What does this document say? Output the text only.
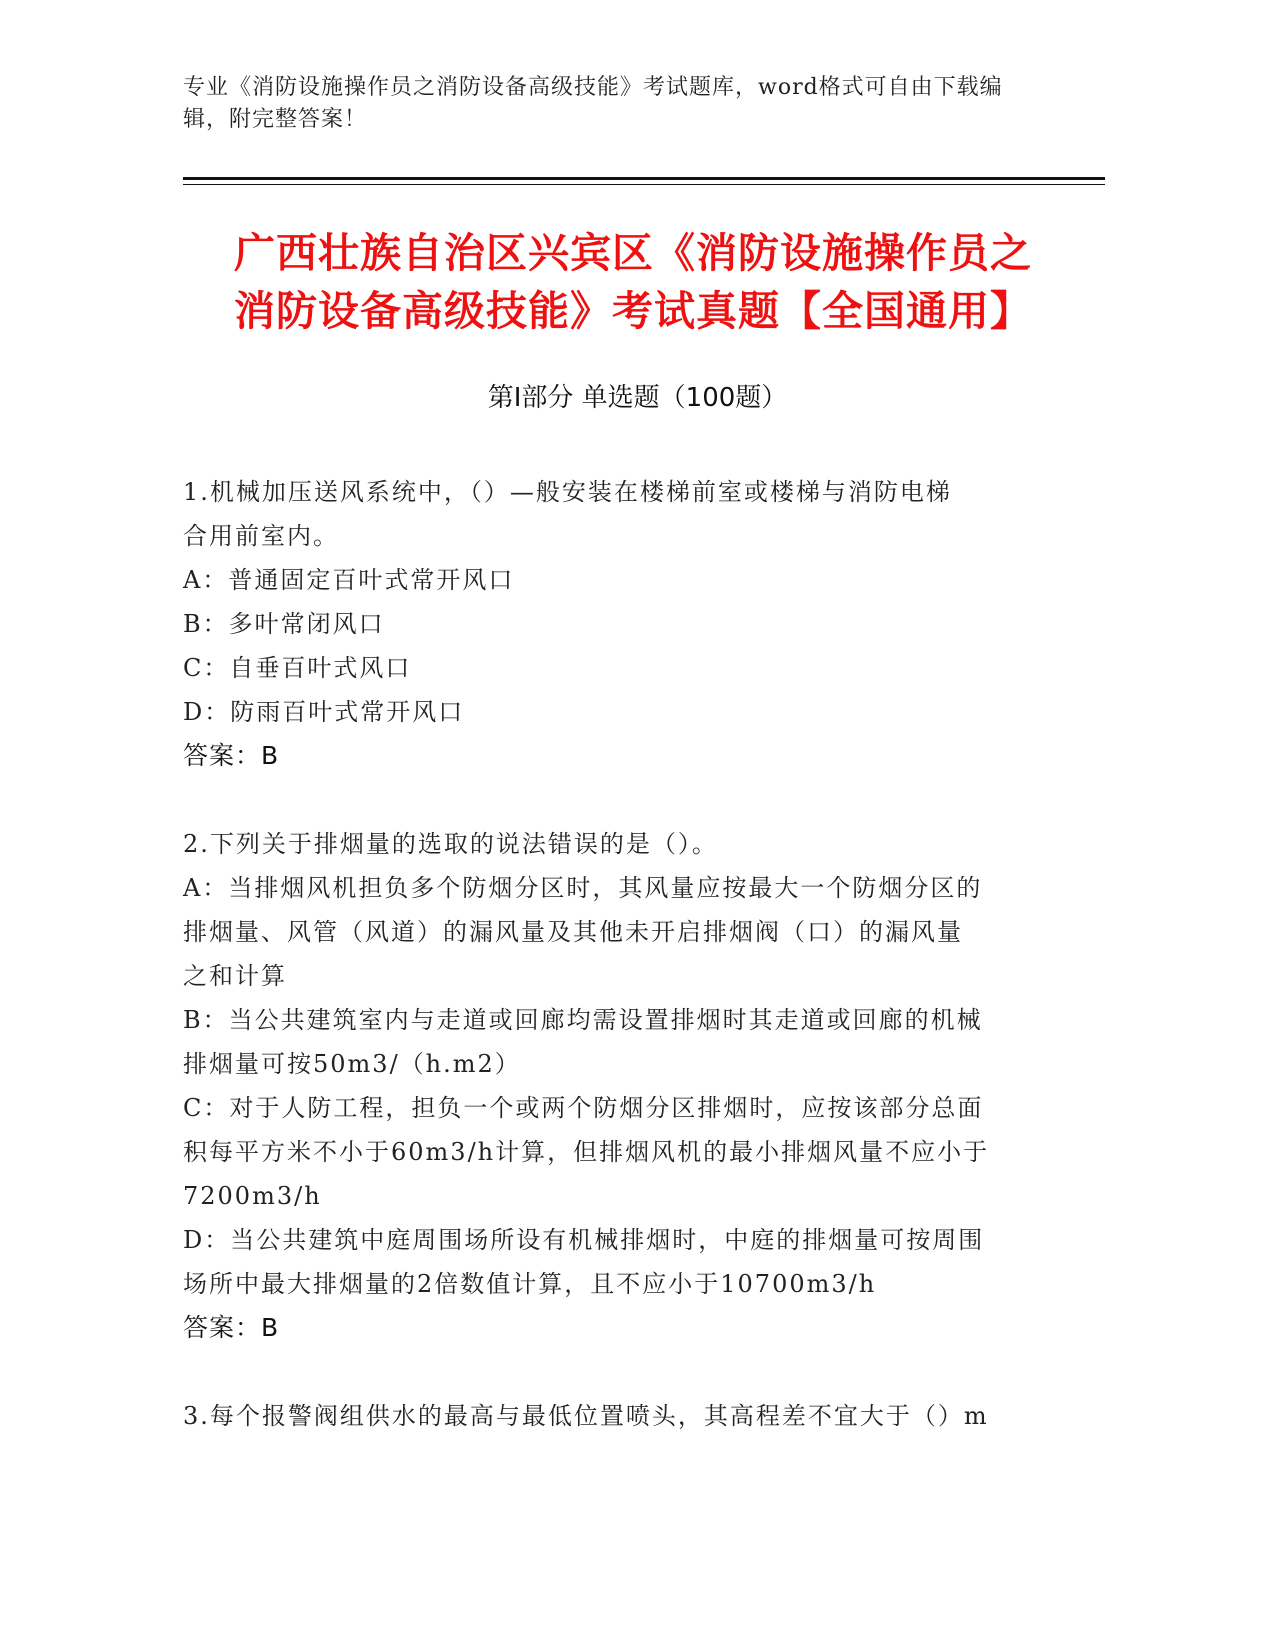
专业《消防设施操作员之消防设备高级技能》考试题库，word格式可自由下载编
辑，附完整答案！
广西壮族自治区兴宾区《消防设施操作员之
消防设备高级技能》考试真题【全国通用】
第Ⅰ部分 单选题（100题）
1.机械加压送风系统中，（）—般安装在楼梯前室或楼梯与消防电梯
合用前室内。
A：普通固定百叶式常开风口
B：多叶常闭风口
C：自垂百叶式风口
D：防雨百叶式常开风口
答案：B
2.下列关于排烟量的选取的说法错误的是（）。
A：当排烟风机担负多个防烟分区时，其风量应按最大一个防烟分区的
排烟量、风管（风道）的漏风量及其他未开启排烟阀（口）的漏风量
之和计算
B：当公共建筑室内与走道或回廊均需设置排烟时其走道或回廊的机械
排烟量可按50m3/（h.m2）
C：对于人防工程，担负一个或两个防烟分区排烟时，应按该部分总面
积每平方米不小于60m3/h计算，但排烟风机的最小排烟风量不应小于
7200m3/h
D：当公共建筑中庭周围场所设有机械排烟时，中庭的排烟量可按周围
场所中最大排烟量的2倍数值计算，且不应小于10700m3/h
答案：B
3.每个报警阀组供水的最高与最低位置喷头，其高程差不宜大于（）m
